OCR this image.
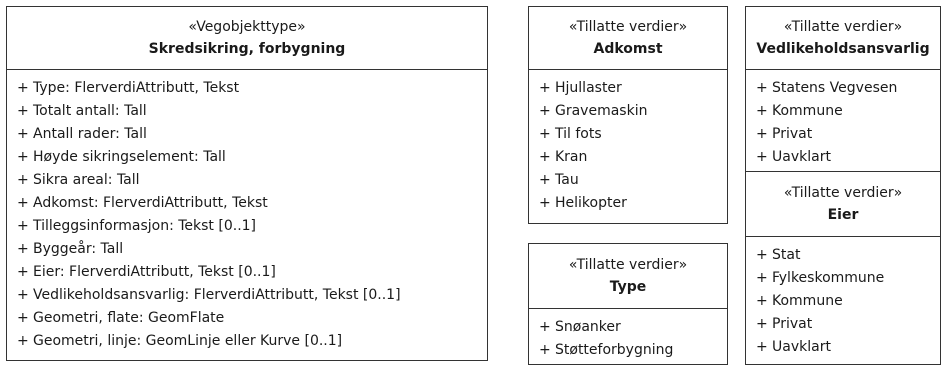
«Vegobjekttype»
Skredsikring, forbygning
+ Type: FlerverdiAttributt, Tekst
+ Totalt antall: Tall
+ Antall rader: Tall
+ Høyde sikringselement: Tall
+ Sikra areal: Tall
+ Adkomst: FlerverdiAttributt, Tekst
+ Tilleggsinformasjon: Tekst [0..1]
+ Byggeår: Tall
+ Eier: FlerverdiAttributt, Tekst [0..1]
+ Vedlikeholdsansvarlig: FlerverdiAttributt, Tekst [0..1]
+ Geometri, flate: GeomFlate
+ Geometri, linje: GeomLinje eller Kurve [0..1]
«Tillatte verdier»
Adkomst
+ Hjullaster
+ Gravemaskin
+ Til fots
+ Kran
+ Tau
+ Helikopter
«Tillatte verdier»
Type
+ Snøanker
+ Støtteforbygning
«Tillatte verdier»
Vedlikeholdsansvarlig
+ Statens Vegvesen
+ Kommune
+ Privat
+ Uavklart
«Tillatte verdier»
Eier
+ Stat
+ Fylkeskommune
+ Kommune
+ Privat
+ Uavklart
